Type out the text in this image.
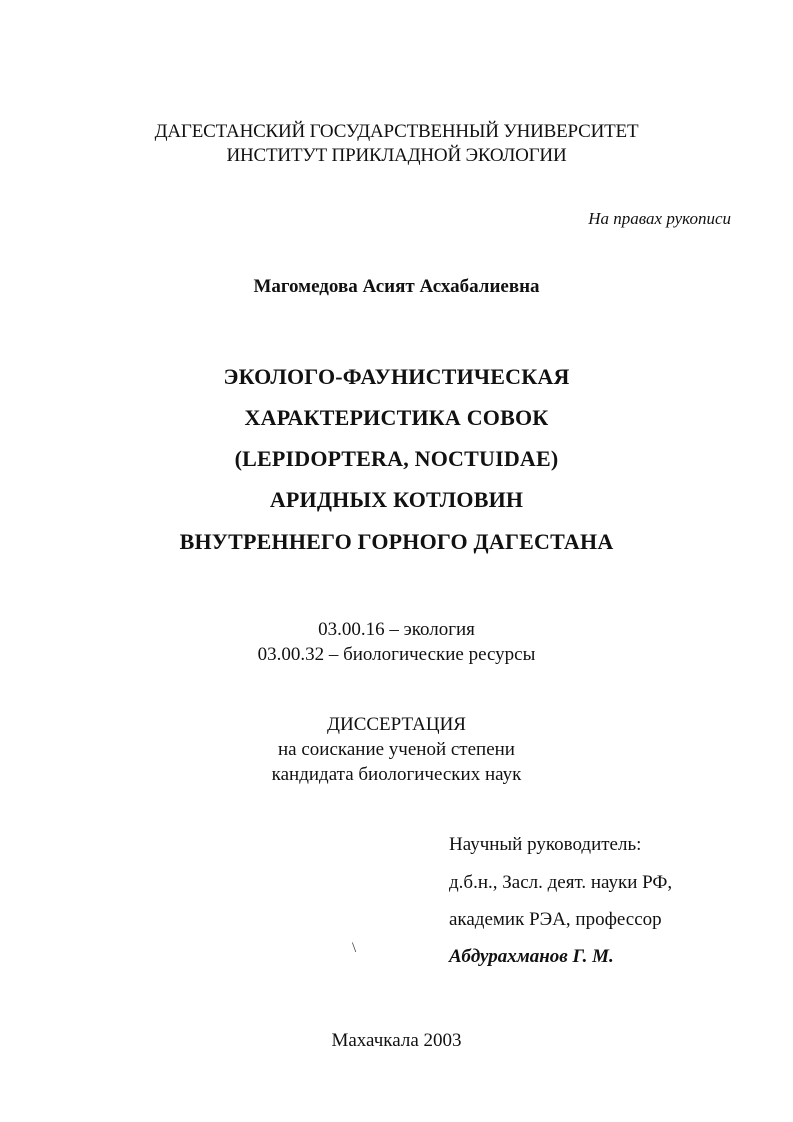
ДАГЕСТАНСКИЙ ГОСУДАРСТВЕННЫЙ УНИВЕРСИТЕТ
ИНСТИТУТ ПРИКЛАДНОЙ ЭКОЛОГИИ
На правах рукописи
Магомедова Асият Асхабалиевна
ЭКОЛОГО-ФАУНИСТИЧЕСКАЯ
ХАРАКТЕРИСТИКА СОВОК
(LEPIDOPTERA, NOCTUIDAE)
АРИДНЫХ КОТЛОВИН
ВНУТРЕННЕГО ГОРНОГО ДАГЕСТАНА
03.00.16 – экология
03.00.32 – биологические ресурсы
ДИССЕРТАЦИЯ
на соискание ученой степени
кандидата биологических наук
Научный руководитель:
д.б.н., Засл. деят. науки РФ,
академик РЭА, профессор
Абдурахманов Г. М.
\
Махачкала 2003
